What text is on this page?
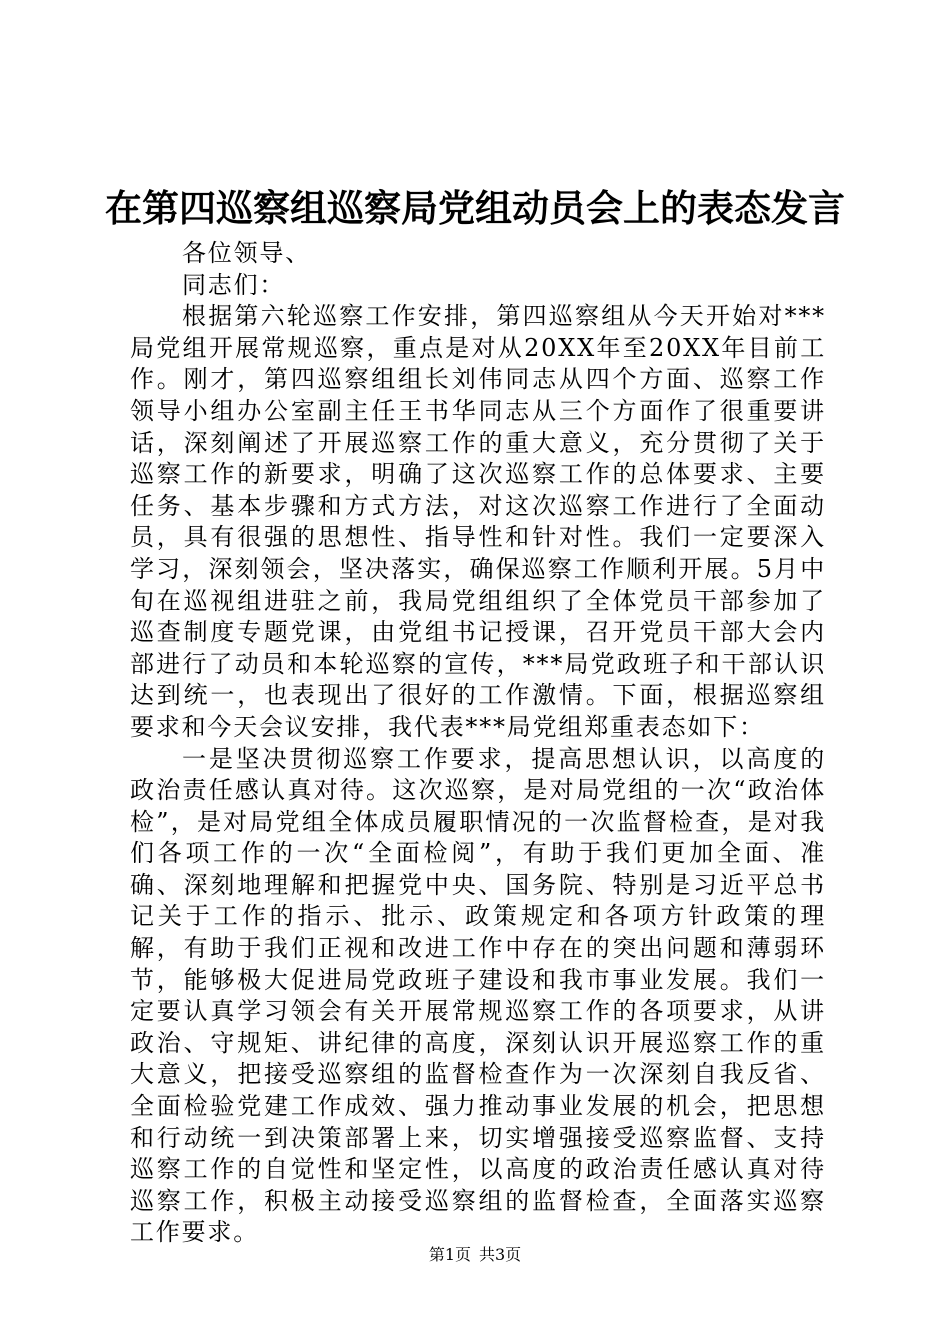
在第四巡察组巡察局党组动员会上的表态发言

各位领导、

同志们：

根据第六轮巡察工作安排，第四巡察组从今天开始对***局党组开展常规巡察，重点是对从20XX年至20XX年目前工作。刚才，第四巡察组组长刘伟同志从四个方面、巡察工作领导小组办公室副主任王书华同志从三个方面作了很重要讲话，深刻阐述了开展巡察工作的重大意义，充分贯彻了关于巡察工作的新要求，明确了这次巡察工作的总体要求、主要任务、基本步骤和方式方法，对这次巡察工作进行了全面动员，具有很强的思想性、指导性和针对性。我们一定要深入学习，深刻领会，坚决落实，确保巡察工作顺利开展。5月中旬在巡视组进驻之前，我局党组组织了全体党员干部参加了巡查制度专题党课，由党组书记授课，召开党员干部大会内部进行了动员和本轮巡察的宣传，***局党政班子和干部认识达到统一，也表现出了很好的工作激情。下面，根据巡察组要求和今天会议安排，我代表***局党组郑重表态如下：

一是坚决贯彻巡察工作要求，提高思想认识，以高度的政治责任感认真对待。这次巡察，是对局党组的一次“政治体检”，是对局党组全体成员履职情况的一次监督检查，是对我们各项工作的一次“全面检阅”，有助于我们更加全面、准确、深刻地理解和把握党中央、国务院、特别是习近平总书记关于工作的指示、批示、政策规定和各项方针政策的理解，有助于我们正视和改进工作中存在的突出问题和薄弱环节，能够极大促进局党政班子建设和我市事业发展。我们一定要认真学习领会有关开展常规巡察工作的各项要求，从讲政治、守规矩、讲纪律的高度，深刻认识开展巡察工作的重大意义，把接受巡察组的监督检查作为一次深刻自我反省、全面检验党建工作成效、强力推动事业发展的机会，把思想和行动统一到决策部署上来，切实增强接受巡察监督、支持巡察工作的自觉性和坚定性，以高度的政治责任感认真对待巡察工作，积极主动接受巡察组的监督检查，全面落实巡察工作要求。

第1页 共3页
